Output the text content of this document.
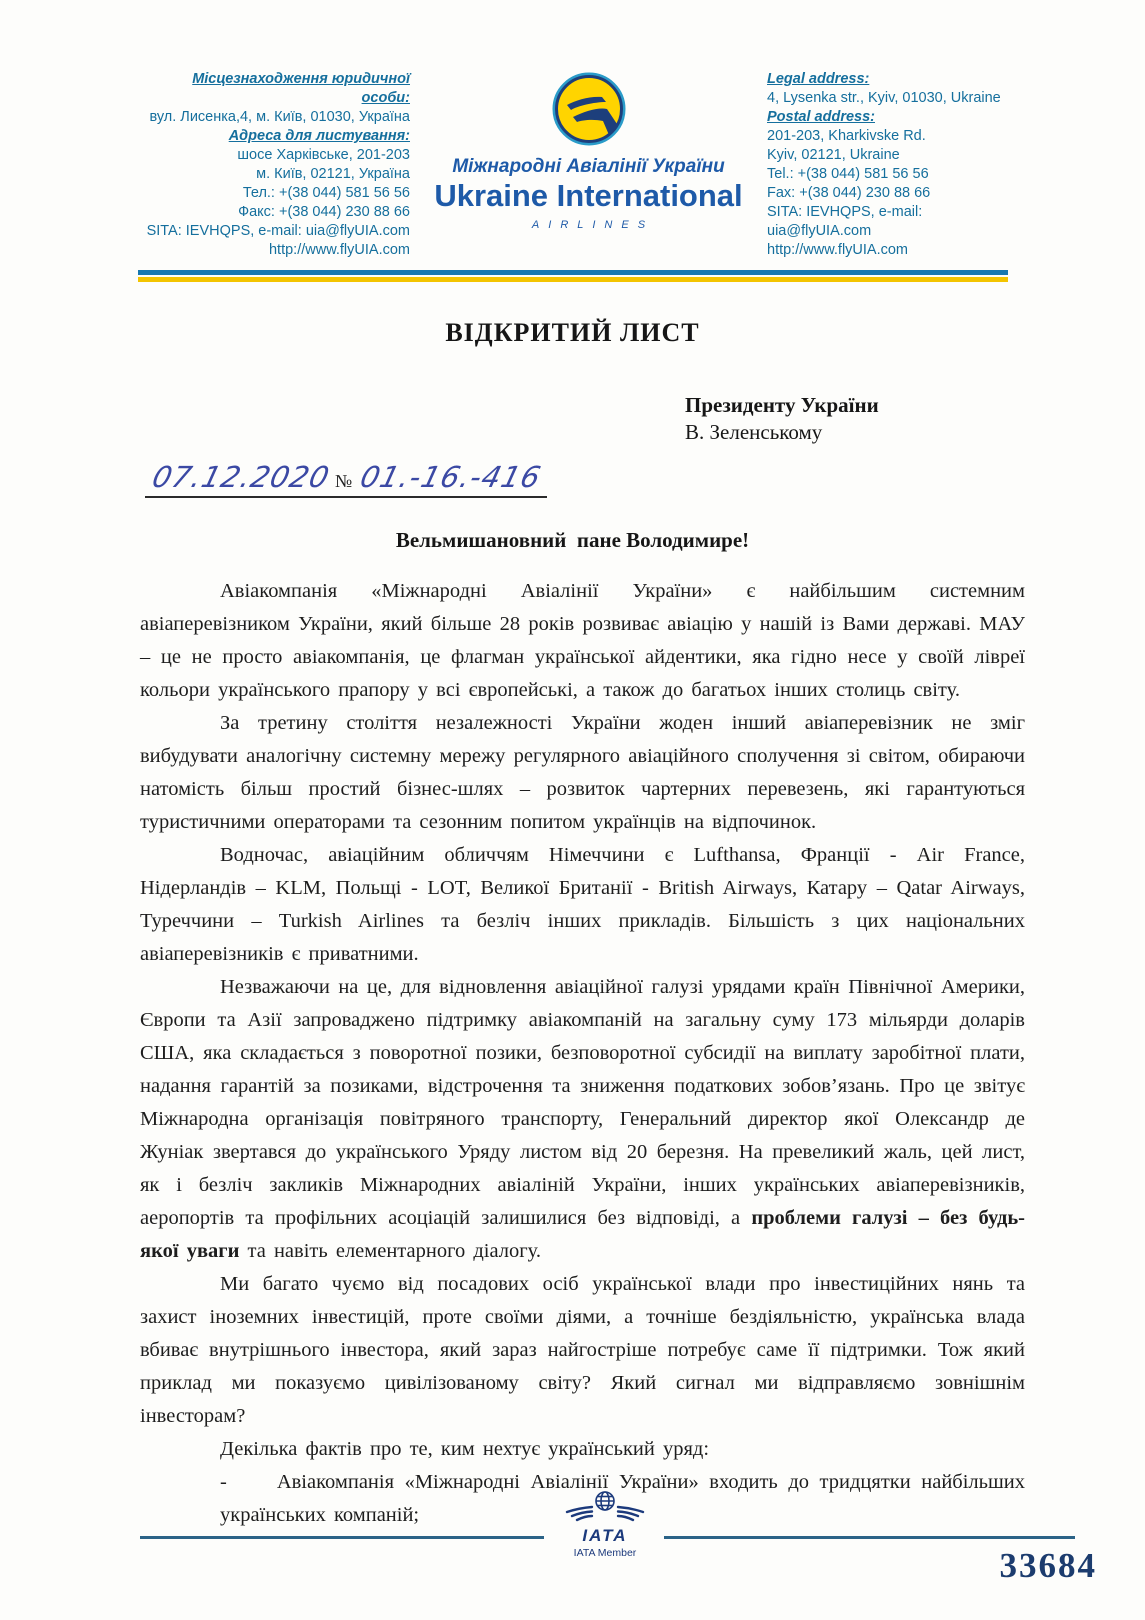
Місцезнаходження юридичної особи:
вул. Лисенка,4, м. Київ, 01030, Україна
Адреса для листування:
шосе Харківське, 201-203
м. Київ, 02121, Україна
Тел.: +(38 044) 581 56 56
Факс: +(38 044) 230 88 66
SITA: IEVHQPS, e-mail: uia@flyUIA.com
http://www.flyUIA.com
Міжнародні Авіалінії України
Ukraine International
AIRLINES
Legal address:
4, Lysenka str., Kyiv, 01030, Ukraine
Postal address:
201-203, Kharkivske Rd.
Kyiv, 02121, Ukraine
Tel.: +(38 044) 581 56 56
Fax: +(38 044) 230 88 66
SITA: IEVHQPS, e-mail: uia@flyUIA.com
http://www.flyUIA.com
ВІДКРИТИЙ ЛИСТ
Президенту України
В. Зеленському
07.12.2020№ 01.-16.-416
Вельмишановний  пане Володимире!

Авіакомпанія «Міжнародні Авіалінії України» є найбільшим системним авіаперевізником України, який більше 28 років розвиває авіацію у нашій із Вами державі. МАУ – це не просто авіакомпанія, це флагман української айдентики, яка гідно несе у своїй лівреї кольори українського прапору у всі європейські, а також до багатьох інших столиць світу.

За третину століття незалежності України жоден інший авіаперевізник не зміг вибудувати аналогічну системну мережу регулярного авіаційного сполучення зі світом, обираючи натомість більш простий бізнес-шлях – розвиток чартерних перевезень, які гарантуються туристичними операторами та сезонним попитом українців на відпочинок.

Водночас, авіаційним обличчям Німеччини є Lufthansa, Франції - Air France, Нідерландів – KLM, Польщі - LOT, Великої Британії - British Airways, Катару – Qatar Airways, Туреччини – Turkish Airlines та безліч інших прикладів. Більшість з цих національних авіаперевізників є приватними.

Незважаючи на це, для відновлення авіаційної галузі урядами країн Північної Америки, Європи та Азії запроваджено підтримку авіакомпаній на загальну суму 173 мільярди доларів США, яка складається з поворотної позики, безповоротної субсидії на виплату заробітної плати, надання гарантій за позиками, відстрочення та зниження податкових зобов’язань. Про це звітує Міжнародна організація повітряного транспорту, Генеральний директор якої Олександр де Жуніак звертався до українського Уряду листом від 20 березня. На превеликий жаль, цей лист, як і безліч закликів Міжнародних авіаліній України, інших українських авіаперевізників, аеропортів та профільних асоціацій залишилися без відповіді, а проблеми галузі – без будь-якої уваги та навіть елементарного діалогу.

Ми багато чуємо від посадових осіб української влади про інвестиційних нянь та захист іноземних інвестицій, проте своїми діями, а точніше бездіяльністю, українська влада вбиває внутрішнього інвестора, який зараз найгостріше потребує саме її підтримки. Тож який приклад ми показуємо цивілізованому світу? Який сигнал ми відправляємо зовнішнім інвесторам?

Декілька фактів про те, ким нехтує український уряд:

- Авіакомпанія «Міжнародні Авіалінії України» входить до тридцятки найбільших українських компаній;

IATA
IATA Member	33684
